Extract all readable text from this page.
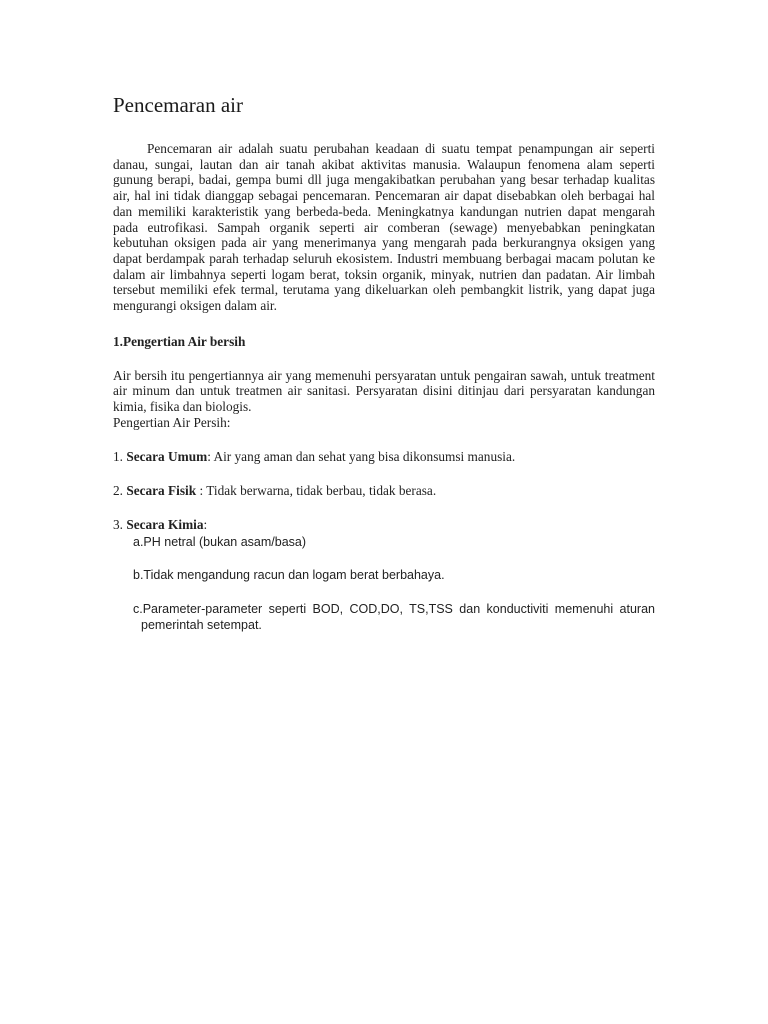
Pencemaran air

Pencemaran air adalah suatu perubahan keadaan di suatu tempat penampungan air seperti danau, sungai, lautan dan air tanah akibat aktivitas manusia. Walaupun fenomena alam seperti gunung berapi, badai, gempa bumi dll juga mengakibatkan perubahan yang besar terhadap kualitas air, hal ini tidak dianggap sebagai pencemaran. Pencemaran air dapat disebabkan oleh berbagai hal dan memiliki karakteristik yang berbeda-beda. Meningkatnya kandungan nutrien dapat mengarah pada eutrofikasi. Sampah organik seperti air comberan (sewage) menyebabkan peningkatan kebutuhan oksigen pada air yang menerimanya yang mengarah pada berkurangnya oksigen yang dapat berdampak parah terhadap seluruh ekosistem. Industri membuang berbagai macam polutan ke dalam air limbahnya seperti logam berat, toksin organik, minyak, nutrien dan padatan. Air limbah tersebut memiliki efek termal, terutama yang dikeluarkan oleh pembangkit listrik, yang dapat juga mengurangi oksigen dalam air.

1.Pengertian Air bersih

Air bersih itu pengertiannya air yang memenuhi persyaratan untuk pengairan sawah, untuk treatment air minum dan untuk treatmen air sanitasi. Persyaratan disini ditinjau dari persyaratan kandungan kimia, fisika dan biologis.

Pengertian Air Persih:

1. Secara Umum: Air yang aman dan sehat yang bisa dikonsumsi manusia.

2. Secara Fisik : Tidak berwarna, tidak berbau, tidak berasa.

3. Secara Kimia:

a.PH netral (bukan asam/basa)
b.Tidak mengandung racun dan logam berat berbahaya.
c.Parameter-parameter seperti BOD, COD,DO, TS,TSS dan konductiviti memenuhi aturan pemerintah setempat.
